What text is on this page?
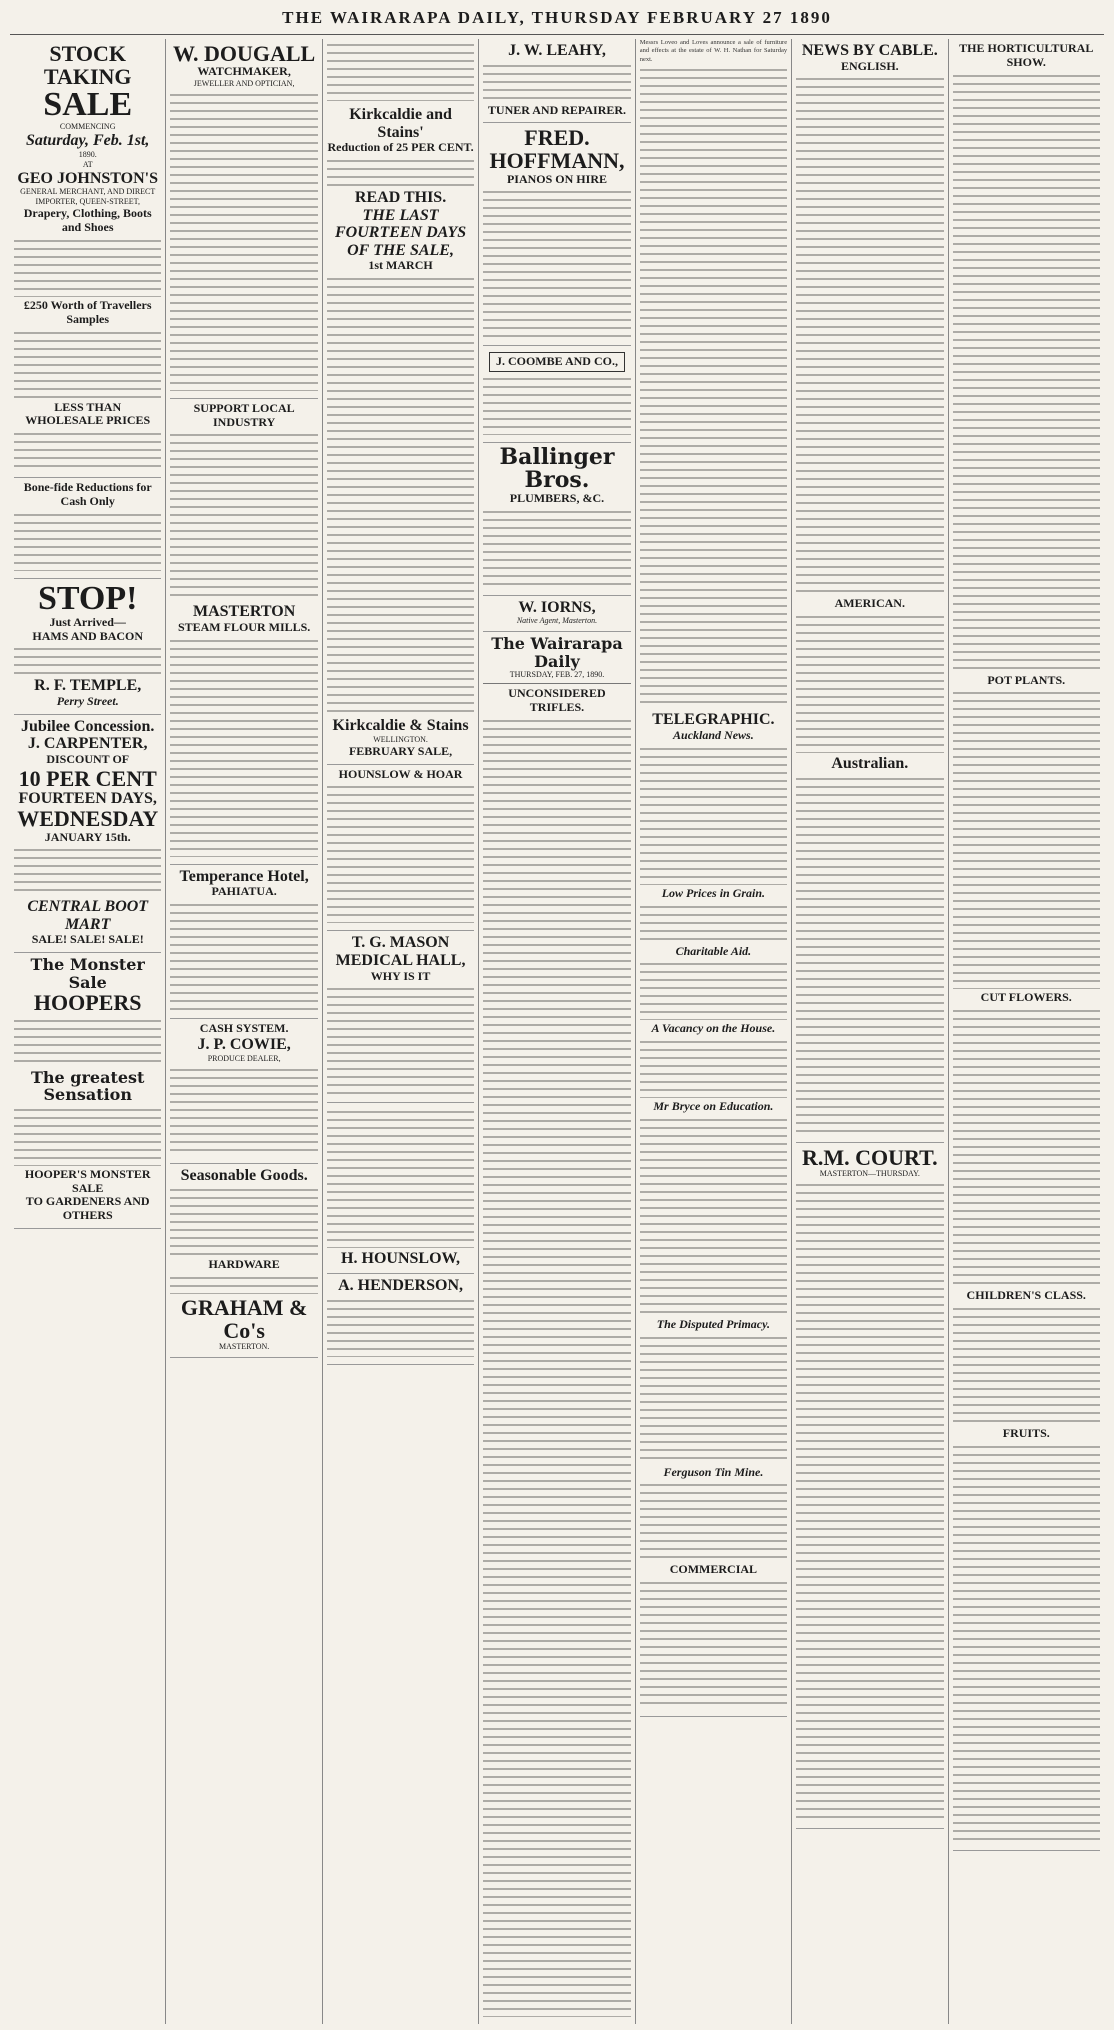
THE WAIRARAPA DAILY, THURSDAY FEBRUARY 27 1890
STOCK TAKING
SALE
COMMENCING
Saturday, Feb. 1st,
1890.
AT
GEO JOHNSTON'S
GENERAL MERCHANT, AND DIRECT IMPORTER, QUEEN-STREET,
Drapery, Clothing, Boots and Shoes
£250 Worth of Travellers Samples
LESS THAN WHOLESALE PRICES
Bone-fide Reductions for Cash Only
STOP!
Just Arrived—
HAMS AND BACON
R. F. TEMPLE,
Perry Street.
Jubilee Concession.
J. CARPENTER,
DISCOUNT OF
10 PER CENT
FOURTEEN DAYS,
WEDNESDAY
JANUARY 15th.
CENTRAL BOOT MART
SALE! SALE! SALE!
The Monster Sale
HOOPERS
The greatest Sensation
HOOPER'S MONSTER SALE
TO GARDENERS AND OTHERS
W. DOUGALL
WATCHMAKER,
JEWELLER AND OPTICIAN,
SUPPORT LOCAL INDUSTRY
MASTERTON
STEAM FLOUR MILLS.
Temperance Hotel,
PAHIATUA.
CASH SYSTEM.
J. P. COWIE,
PRODUCE DEALER,
Seasonable Goods.
HARDWARE
GRAHAM & Co's
MASTERTON.
Kirkcaldie and Stains'
Reduction of 25 PER CENT.
READ THIS.
THE LAST FOURTEEN DAYS OF THE SALE,
1st MARCH
Kirkcaldie & Stains
WELLINGTON.
FEBRUARY SALE,
HOUNSLOW & HOAR
T. G. MASON
MEDICAL HALL,
WHY IS IT
H. HOUNSLOW,
A. HENDERSON,
J. W. LEAHY,
TUNER AND REPAIRER.
FRED. HOFFMANN,
PIANOS ON HIRE
J. COOMBE AND CO.,
Ballinger Bros.
PLUMBERS, &C.
W. IORNS,
Native Agent, Masterton.
The Wairarapa Daily
THURSDAY, FEB. 27, 1890.
UNCONSIDERED TRIFLES.
Messrs Loveo and Loves announce a sale of furniture and effects at the estate of W. H. Nathan for Saturday next.
TELEGRAPHIC.
Auckland News.
Low Prices in Grain.
Charitable Aid.
A Vacancy on the House.
Mr Bryce on Education.
The Disputed Primacy.
Ferguson Tin Mine.
COMMERCIAL
NEWS BY CABLE.
ENGLISH.
AMERICAN.
Australian.
R.M. COURT.
MASTERTON—THURSDAY.
THE HORTICULTURAL SHOW.
POT PLANTS.
CUT FLOWERS.
CHILDREN'S CLASS.
FRUITS.
